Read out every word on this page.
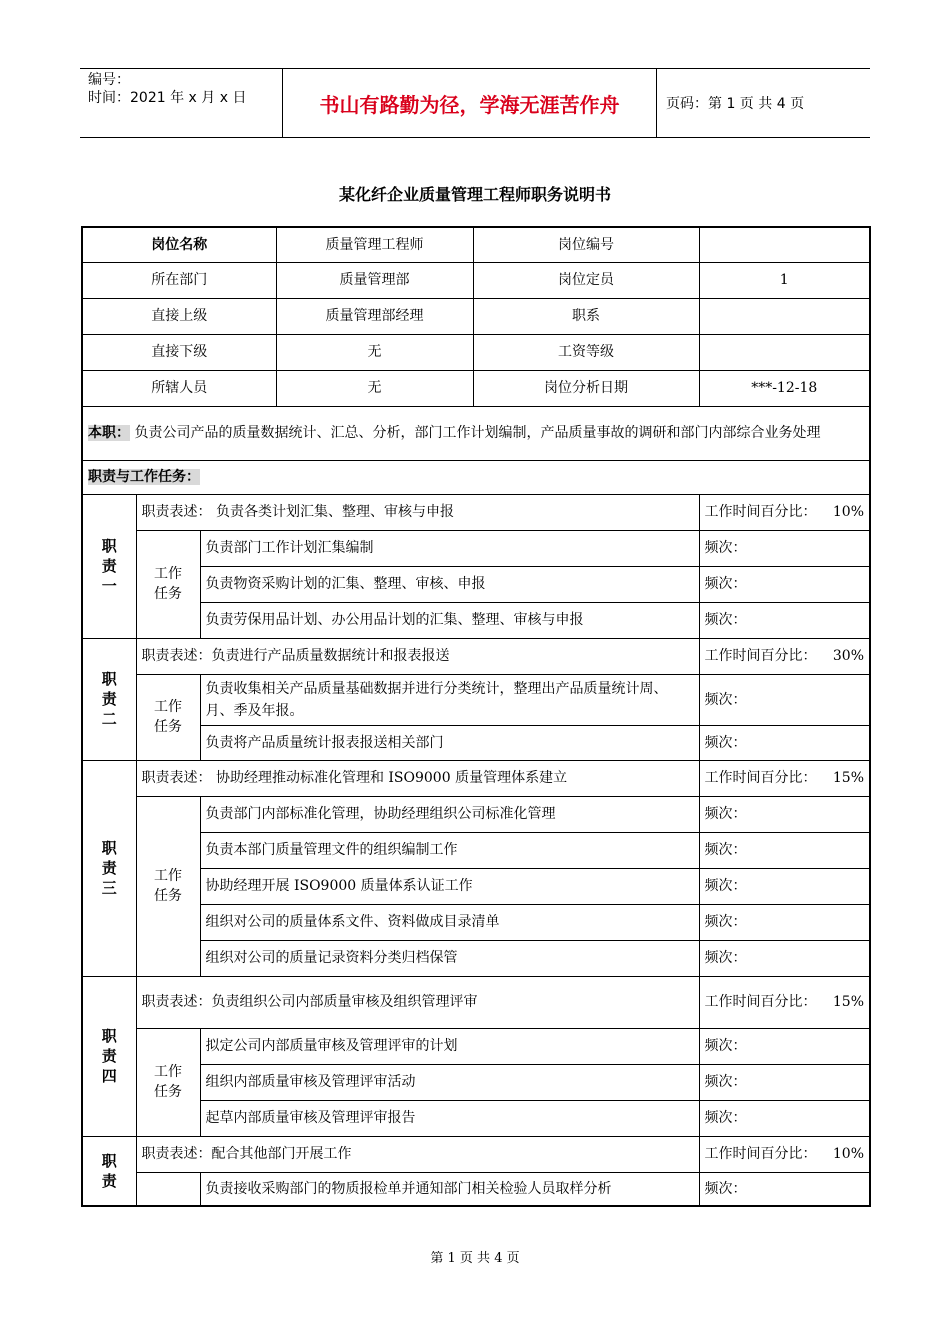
编号：
时间：2021 年 x 月 x 日	书山有路勤为径，学海无涯苦作舟	页码：第 1 页 共 4 页
某化纤企业质量管理工程师职务说明书
岗位名称			质量管理工程师	岗位编号	
所在部门			质量管理部	岗位定员	1
直接上级			质量管理部经理	职系	
直接下级			无	工资等级	
所辖人员			无	岗位分析日期	***-12-18
本职： 负责公司产品的质量数据统计、汇总、分析，部门工作计划编制，产品质量事故的调研和部门内部综合业务处理					
职责与工作任务：					
职
责
一	职责表述： 负责各类计划汇集、整理、审核与申报				工作时间百分比： 10%

	工作
任务	负责部门工作计划汇集编制			频次：
		负责物资采购计划的汇集、整理、审核、申报			频次：
		负责劳保用品计划、办公用品计划的汇集、整理、审核与申报			频次：
职
责
二	职责表述：负责进行产品质量数据统计和报表报送				工作时间百分比： 30%

	工作
任务	负责收集相关产品质量基础数据并进行分类统计，整理出产品质量统计周、月、季及年报。			频次：
		负责将产品质量统计报表报送相关部门			频次：
职
责
三	职责表述： 协助经理推动标准化管理和 ISO9000 质量管理体系建立				工作时间百分比： 15%

	工作
任务	负责部门内部标准化管理，协助经理组织公司标准化管理			频次：
		负责本部门质量管理文件的组织编制工作			频次：
		协助经理开展 ISO9000 质量体系认证工作			频次：
		组织对公司的质量体系文件、资料做成目录清单			频次：
		组织对公司的质量记录资料分类归档保管			频次：
职
责
四	职责表述：负责组织公司内部质量审核及组织管理评审				工作时间百分比： 15%

	工作
任务	拟定公司内部质量审核及管理评审的计划			频次：
		组织内部质量审核及管理评审活动			频次：
		起草内部质量审核及管理评审报告			频次：
职
责	职责表述：配合其他部门开展工作				工作时间百分比： 10%

		负责接收采购部门的物质报检单并通知部门相关检验人员取样分析			频次：
第 1 页 共 4 页
